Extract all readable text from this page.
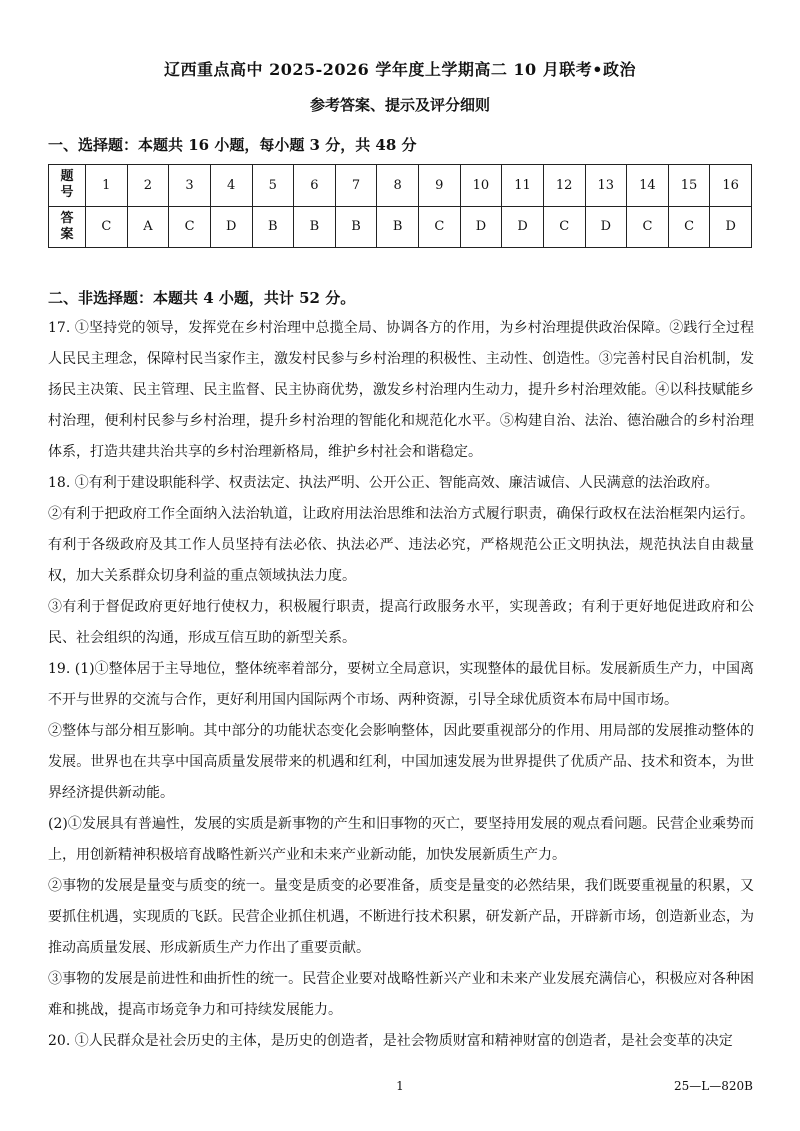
辽西重点高中 2025-2026 学年度上学期高二 10 月联考•政治
参考答案、提示及评分细则
一、选择题：本题共 16 小题，每小题 3 分，共 48 分
题
号	1	2	3	4	5	6	7	8	9	10	11	12	13	14	15	16
答
案	C	A	C	D	B	B	B	B	C	D	D	C	D	C	C	D
二、非选择题：本题共 4 小题，共计 52 分。

17. ①坚持党的领导，发挥党在乡村治理中总揽全局、协调各方的作用，为乡村治理提供政治保障。②践行全过程人民民主理念，保障村民当家作主，激发村民参与乡村治理的积极性、主动性、创造性。③完善村民自治机制，发扬民主决策、民主管理、民主监督、民主协商优势，激发乡村治理内生动力，提升乡村治理效能。④以科技赋能乡村治理，便利村民参与乡村治理，提升乡村治理的智能化和规范化水平。⑤构建自治、法治、德治融合的乡村治理体系，打造共建共治共享的乡村治理新格局，维护乡村社会和谐稳定。

18. ①有利于建设职能科学、权责法定、执法严明、公开公正、智能高效、廉洁诚信、人民满意的法治政府。

②有利于把政府工作全面纳入法治轨道，让政府用法治思维和法治方式履行职责，确保行政权在法治框架内运行。有利于各级政府及其工作人员坚持有法必依、执法必严、违法必究，严格规范公正文明执法，规范执法自由裁量权，加大关系群众切身利益的重点领域执法力度。

③有利于督促政府更好地行使权力，积极履行职责，提高行政服务水平，实现善政；有利于更好地促进政府和公民、社会组织的沟通，形成互信互助的新型关系。

19. (1)①整体居于主导地位，整体统率着部分，要树立全局意识，实现整体的最优目标。发展新质生产力，中国离不开与世界的交流与合作，更好利用国内国际两个市场、两种资源，引导全球优质资本布局中国市场。

②整体与部分相互影响。其中部分的功能状态变化会影响整体，因此要重视部分的作用、用局部的发展推动整体的发展。世界也在共享中国高质量发展带来的机遇和红利，中国加速发展为世界提供了优质产品、技术和资本，为世界经济提供新动能。

(2)①发展具有普遍性，发展的实质是新事物的产生和旧事物的灭亡，要坚持用发展的观点看问题。民营企业乘势而上，用创新精神积极培育战略性新兴产业和未来产业新动能，加快发展新质生产力。

②事物的发展是量变与质变的统一。量变是质变的必要准备，质变是量变的必然结果，我们既要重视量的积累，又要抓住机遇，实现质的飞跃。民营企业抓住机遇，不断进行技术积累，研发新产品，开辟新市场，创造新业态，为推动高质量发展、形成新质生产力作出了重要贡献。

③事物的发展是前进性和曲折性的统一。民营企业要对战略性新兴产业和未来产业发展充满信心，积极应对各种困难和挑战，提高市场竞争力和可持续发展能力。

20. ①人民群众是社会历史的主体，是历史的创造者，是社会物质财富和精神财富的创造者，是社会变革的决定

1	25—L—820B
